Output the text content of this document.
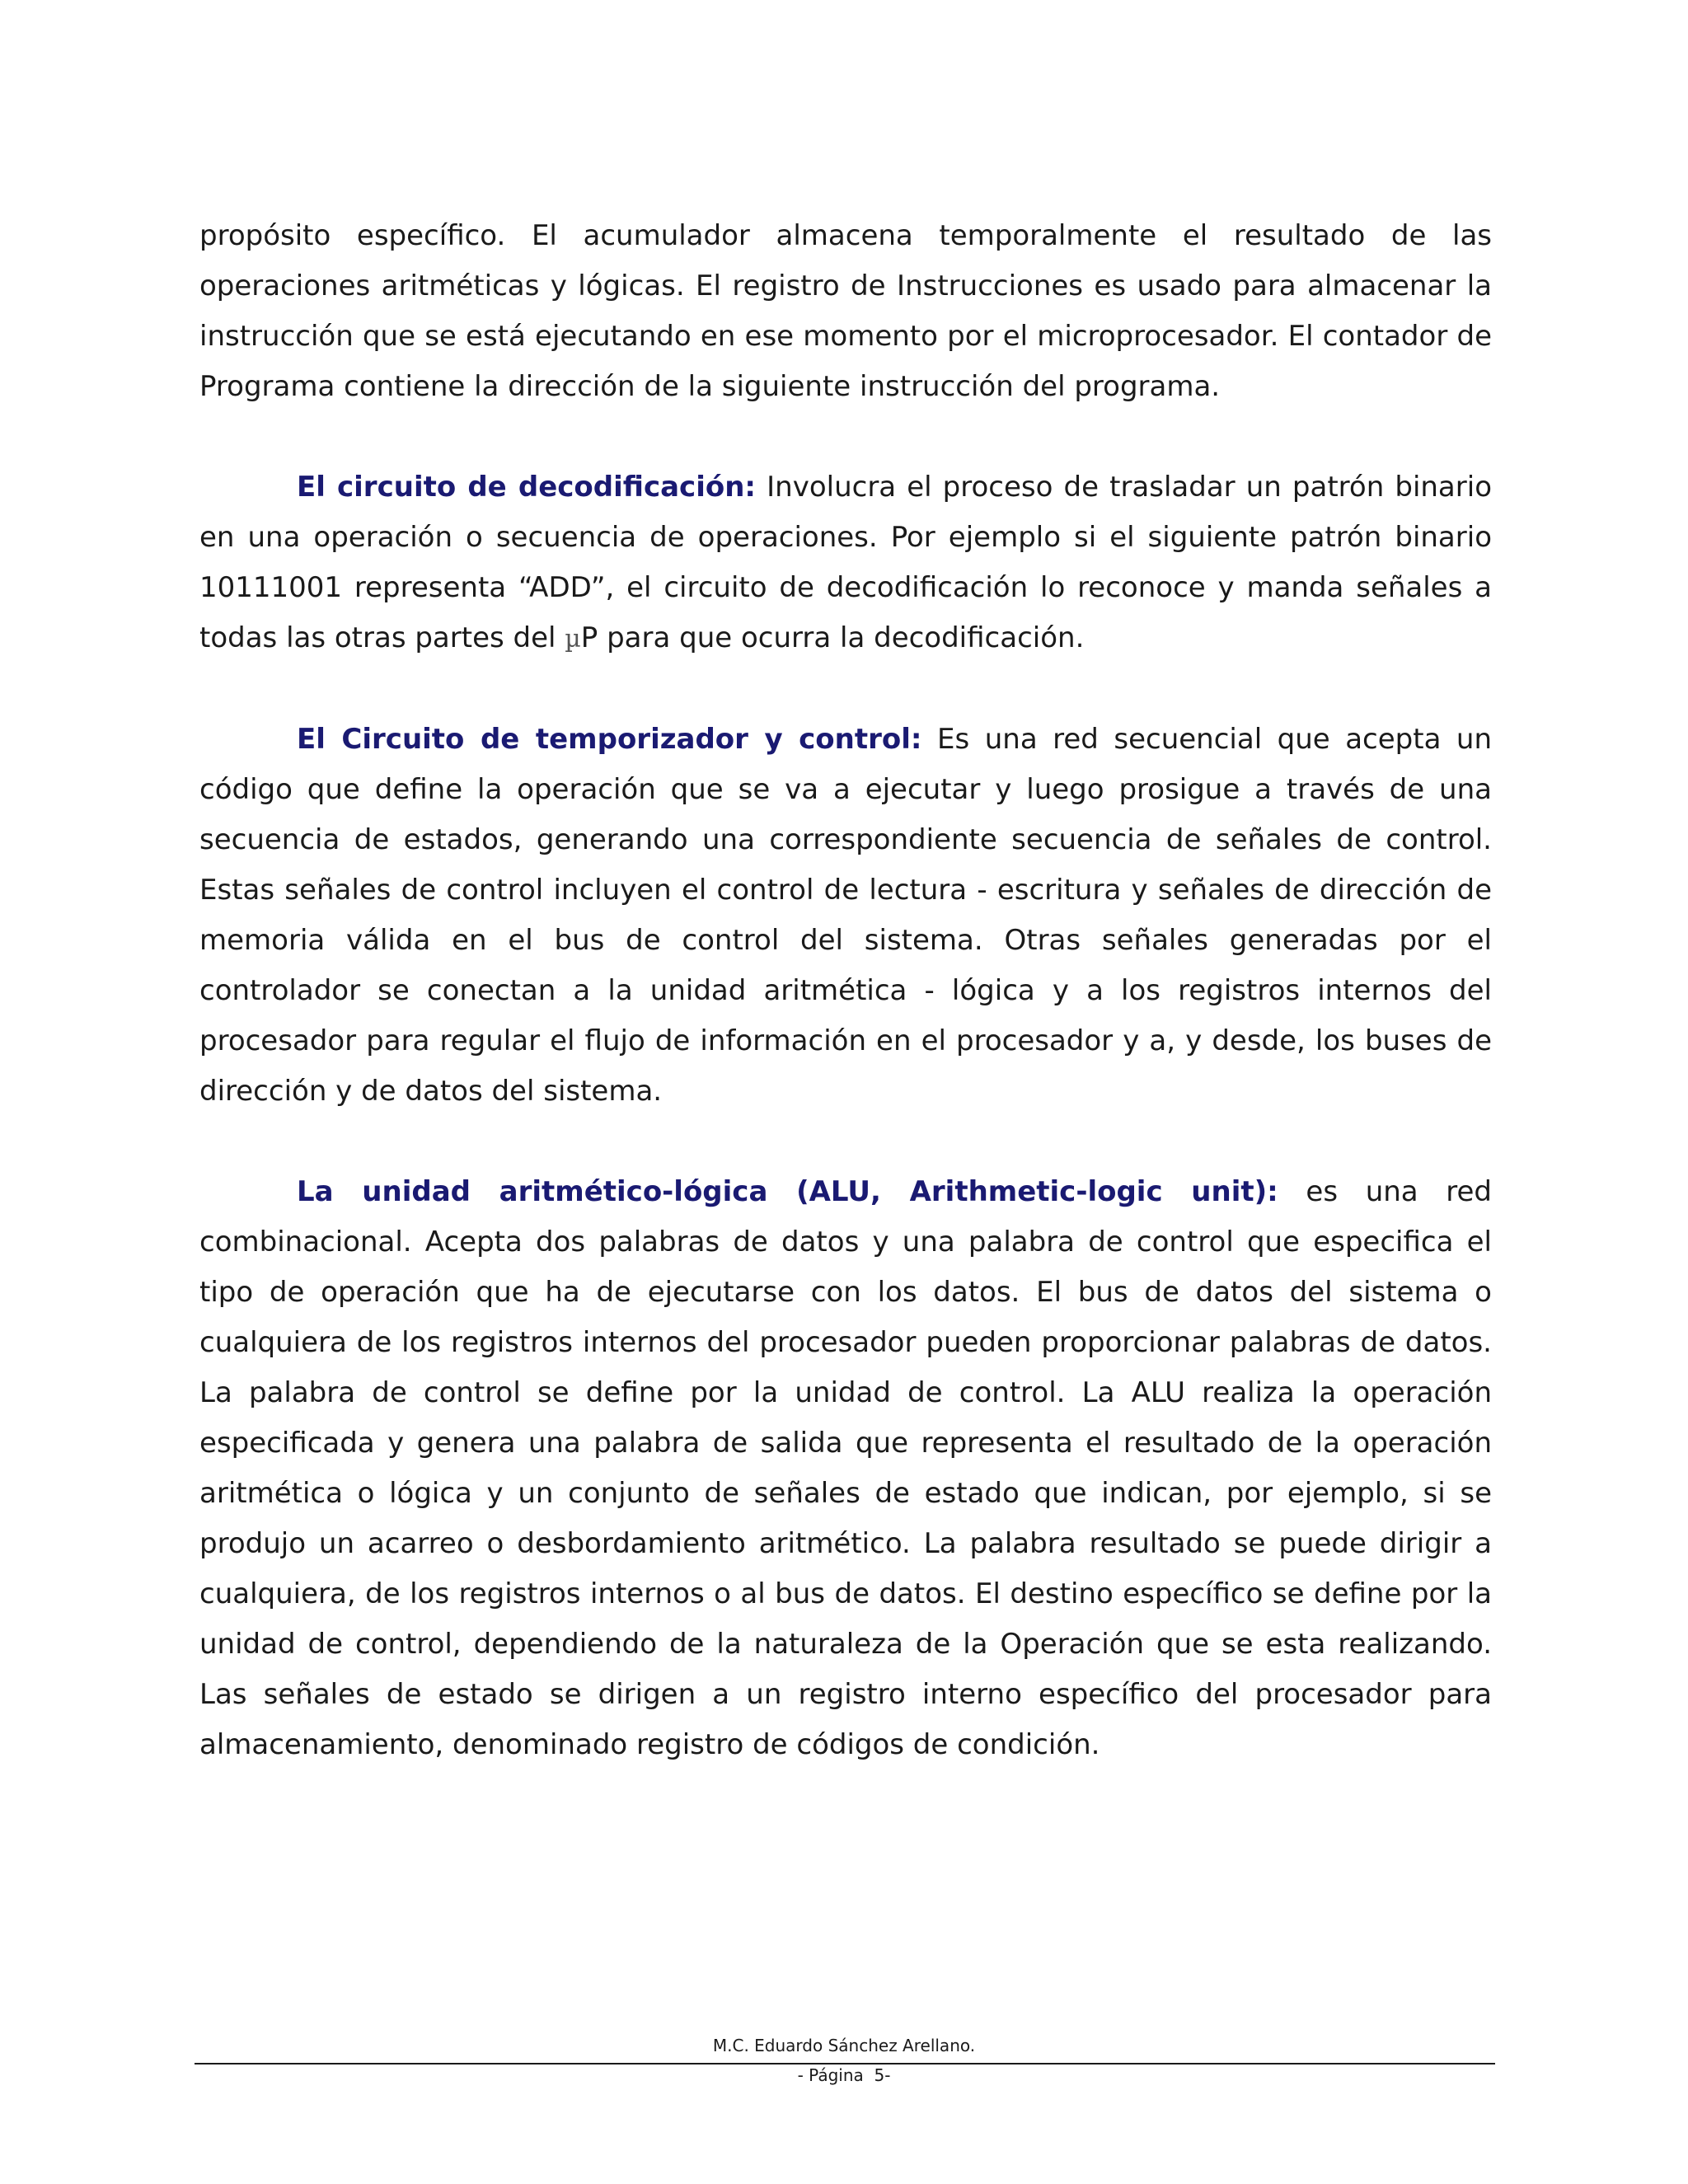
propósito específico. El acumulador almacena temporalmente el resultado de las operaciones aritméticas y lógicas. El registro de Instrucciones es usado para almacenar la instrucción que se está ejecutando en ese momento por el microprocesador. El contador de Programa contiene la dirección de la siguiente instrucción del programa.

El circuito de decodificación: Involucra el proceso de trasladar un patrón binario en una operación o secuencia de operaciones. Por ejemplo si el siguiente patrón binario 10111001 representa “ADD”, el circuito de decodificación lo reconoce y manda señales a todas las otras partes del µP para que ocurra la decodificación.

El Circuito de temporizador y control: Es una red secuencial que acepta un código que define la operación que se va a ejecutar y luego prosigue a través de una secuencia de estados, generando una correspondiente secuencia de señales de control. Estas señales de control incluyen el control de lectura - escritura y señales de dirección de memoria válida en el bus de control del sistema. Otras señales generadas por el controlador se conectan a la unidad aritmética - lógica y a los registros internos del procesador para regular el flujo de información en el procesador y a, y desde, los buses de dirección y de datos del sistema.

La unidad aritmético-lógica (ALU, Arithmetic-logic unit): es una red combinacional. Acepta dos palabras de datos y una palabra de control que especifica el tipo de operación que ha de ejecutarse con los datos. El bus de datos del sistema o cualquiera de los registros internos del procesador pueden proporcionar palabras de datos. La palabra de control se define por la unidad de control. La ALU realiza la operación especificada y genera una palabra de salida que representa el resultado de la operación aritmética o lógica y un conjunto de señales de estado que indican, por ejemplo, si se produjo un acarreo o desbordamiento aritmético. La palabra resultado se puede dirigir a cualquiera, de los registros internos o al bus de datos. El destino específico se define por la unidad de control, dependiendo de la naturaleza de la Operación que se esta realizando. Las señales de estado se dirigen a un registro interno específico del procesador para almacenamiento, denominado registro de códigos de condición.

M.C. Eduardo Sánchez Arellano.
- Página  5-
